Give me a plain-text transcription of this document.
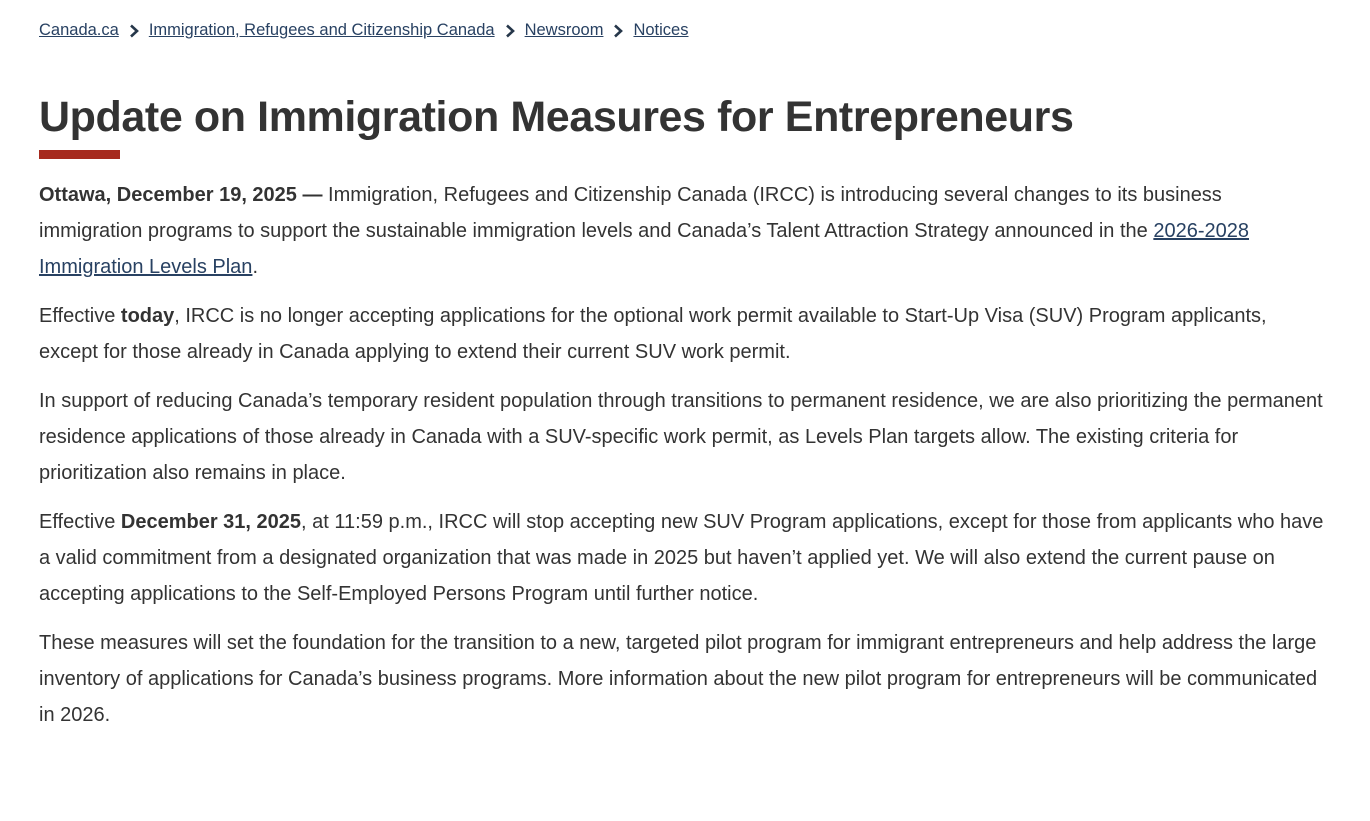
Canada.ca Immigration, Refugees and Citizenship Canada Newsroom Notices
Update on Immigration Measures for Entrepreneurs

Ottawa, December 19, 2025 — Immigration, Refugees and Citizenship Canada (IRCC) is introducing several changes to its business immigration programs to support the sustainable immigration levels and Canada’s Talent Attraction Strategy announced in the 2026-2028 Immigration Levels Plan.

Effective today, IRCC is no longer accepting applications for the optional work permit available to Start-Up Visa (SUV) Program applicants, except for those already in Canada applying to extend their current SUV work permit.

In support of reducing Canada’s temporary resident population through transitions to permanent residence, we are also prioritizing the permanent residence applications of those already in Canada with a SUV-specific work permit, as Levels Plan targets allow. The existing criteria for prioritization also remains in place.

Effective December 31, 2025, at 11:59 p.m., IRCC will stop accepting new SUV Program applications, except for those from applicants who have a valid commitment from a designated organization that was made in 2025 but haven’t applied yet. We will also extend the current pause on accepting applications to the Self-Employed Persons Program until further notice.

These measures will set the foundation for the transition to a new, targeted pilot program for immigrant entrepreneurs and help address the large inventory of applications for Canada’s business programs. More information about the new pilot program for entrepreneurs will be communicated in 2026.
